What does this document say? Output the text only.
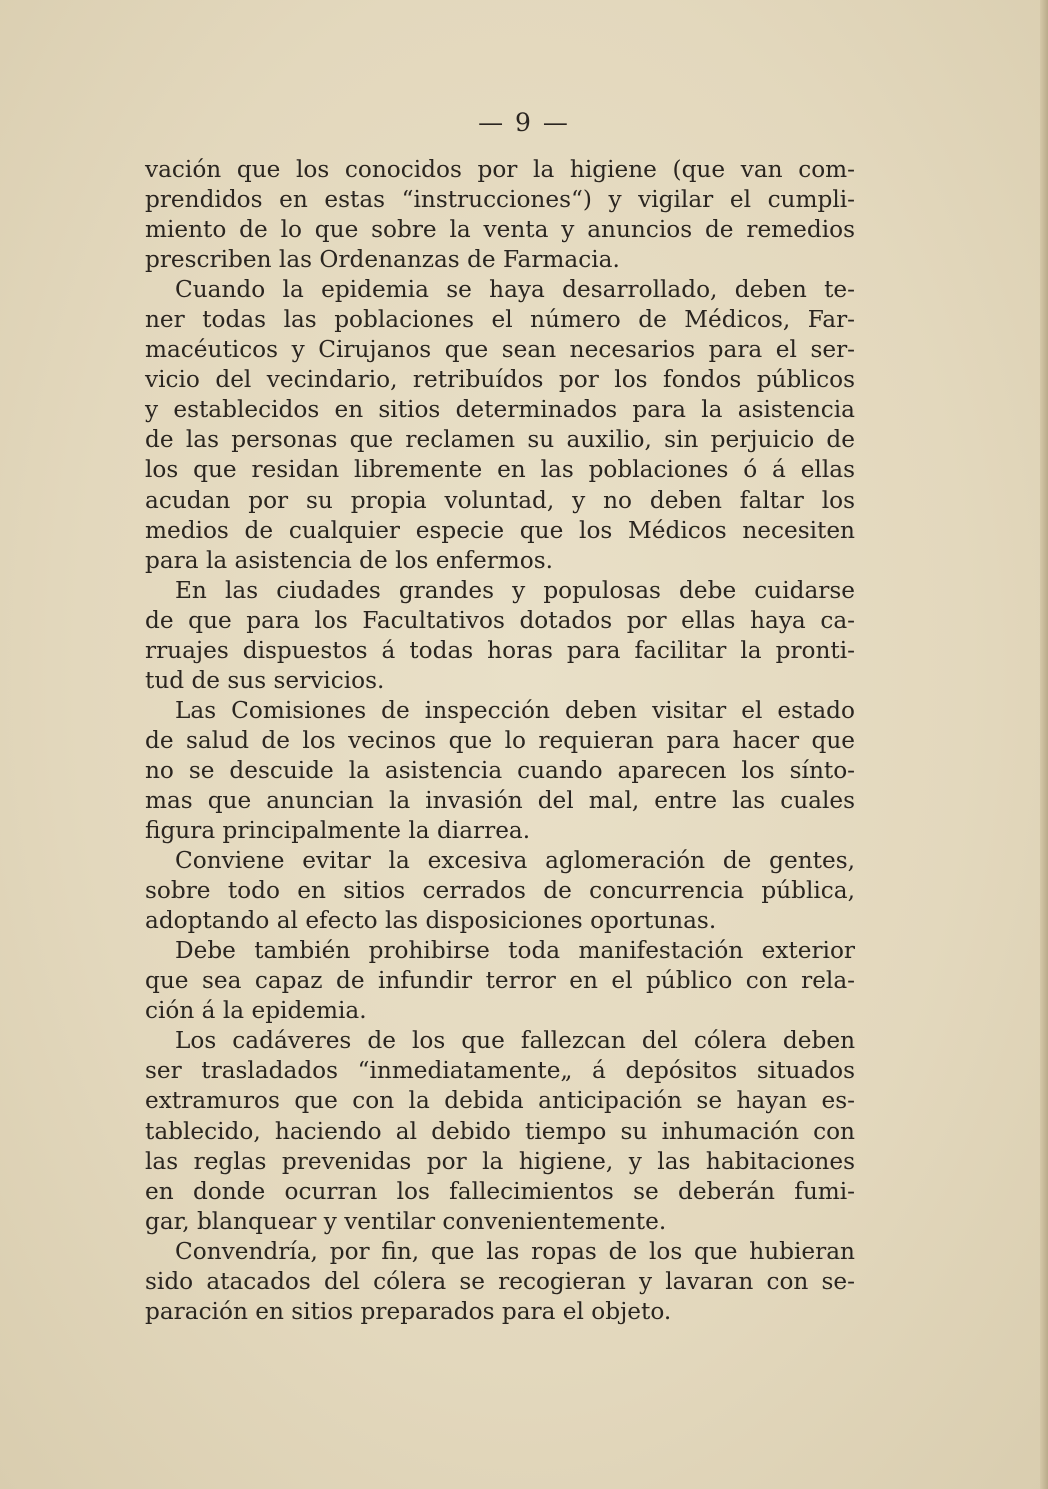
— 9 —

vación que los conocidos por la higiene (que van com-
prendidos en estas “instrucciones“) y vigilar el cumpli-
miento de lo que sobre la venta y anuncios de remedios
prescriben las Ordenanzas de Farmacia.
Cuando la epidemia se haya desarrollado, deben te-
ner todas las poblaciones el número de Médicos, Far-
macéuticos y Cirujanos que sean necesarios para el ser-
vicio del vecindario, retribuídos por los fondos públicos
y establecidos en sitios determinados para la asistencia
de las personas que reclamen su auxilio, sin perjuicio de
los que residan libremente en las poblaciones ó á ellas
acudan por su propia voluntad, y no deben faltar los
medios de cualquier especie que los Médicos necesiten
para la asistencia de los enfermos.
En las ciudades grandes y populosas debe cuidarse
de que para los Facultativos dotados por ellas haya ca-
rruajes dispuestos á todas horas para facilitar la pronti-
tud de sus servicios.
Las Comisiones de inspección deben visitar el estado
de salud de los vecinos que lo requieran para hacer que
no se descuide la asistencia cuando aparecen los sínto-
mas que anuncian la invasión del mal, entre las cuales
figura principalmente la diarrea.
Conviene evitar la excesiva aglomeración de gentes,
sobre todo en sitios cerrados de concurrencia pública,
adoptando al efecto las disposiciones oportunas.
Debe también prohibirse toda manifestación exterior
que sea capaz de infundir terror en el público con rela-
ción á la epidemia.
Los cadáveres de los que fallezcan del cólera deben
ser trasladados “inmediatamente„ á depósitos situados
extramuros que con la debida anticipación se hayan es-
tablecido, haciendo al debido tiempo su inhumación con
las reglas prevenidas por la higiene, y las habitaciones
en donde ocurran los fallecimientos se deberán fumi-
gar, blanquear y ventilar convenientemente.
Convendría, por fin, que las ropas de los que hubieran
sido atacados del cólera se recogieran y lavaran con se-
paración en sitios preparados para el objeto.
